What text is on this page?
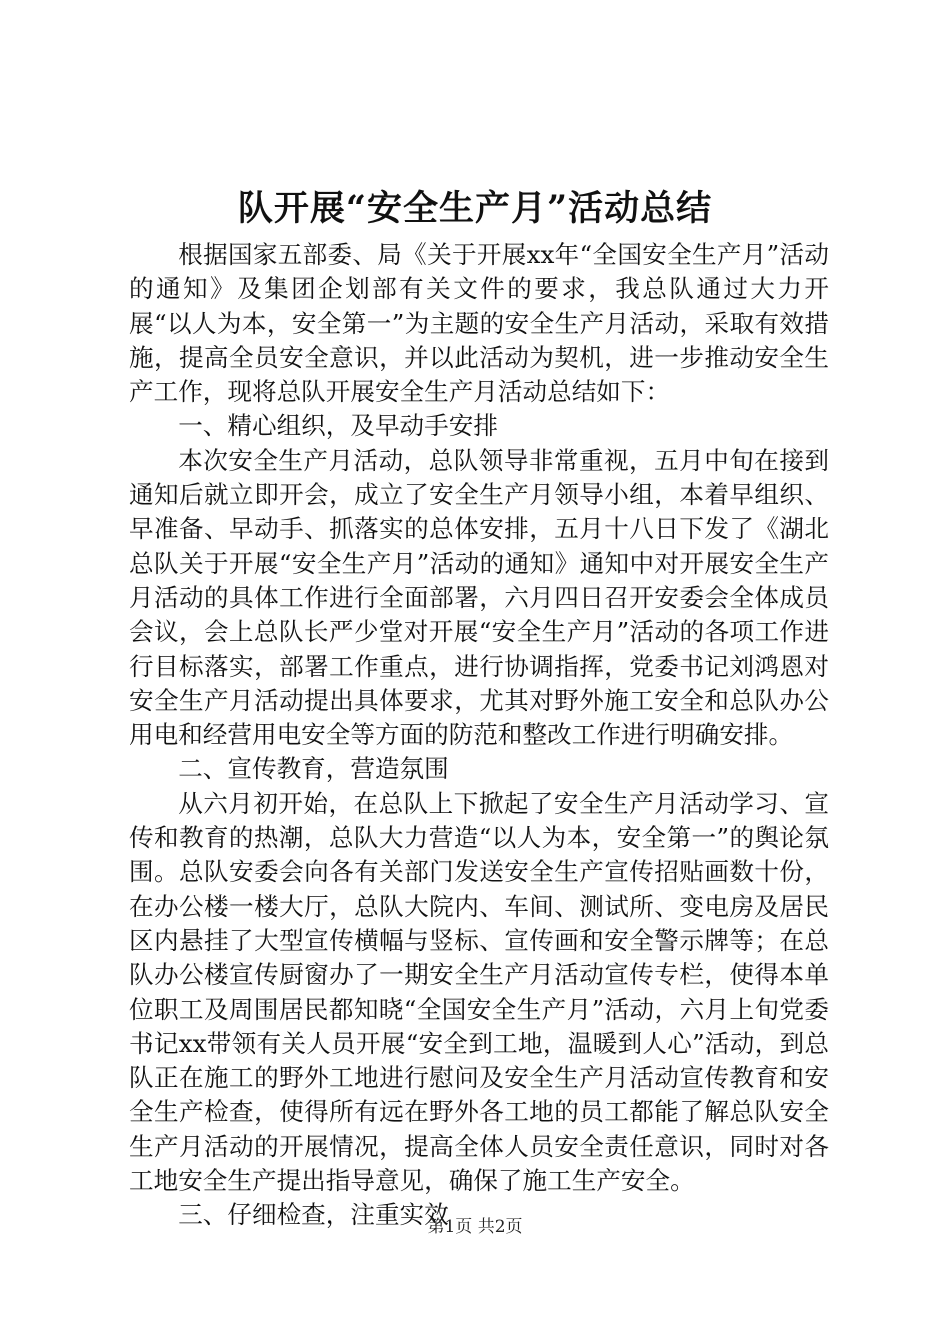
队开展“安全生产月”活动总结

根据国家五部委、局《关于开展xx年“全国安全生产月”活动的通知》及集团企划部有关文件的要求，我总队通过大力开展“以人为本，安全第一”为主题的安全生产月活动，采取有效措施，提高全员安全意识，并以此活动为契机，进一步推动安全生产工作，现将总队开展安全生产月活动总结如下：

一、精心组织，及早动手安排

本次安全生产月活动，总队领导非常重视，五月中旬在接到通知后就立即开会，成立了安全生产月领导小组，本着早组织、早准备、早动手、抓落实的总体安排，五月十八日下发了《湖北总队关于开展“安全生产月”活动的通知》通知中对开展安全生产月活动的具体工作进行全面部署，六月四日召开安委会全体成员会议，会上总队长严少堂对开展“安全生产月”活动的各项工作进行目标落实，部署工作重点，进行协调指挥，党委书记刘鸿恩对安全生产月活动提出具体要求，尤其对野外施工安全和总队办公用电和经营用电安全等方面的防范和整改工作进行明确安排。

二、宣传教育，营造氛围

从六月初开始，在总队上下掀起了安全生产月活动学习、宣传和教育的热潮，总队大力营造“以人为本，安全第一”的舆论氛围。总队安委会向各有关部门发送安全生产宣传招贴画数十份，在办公楼一楼大厅，总队大院内、车间、测试所、变电房及居民区内悬挂了大型宣传横幅与竖标、宣传画和安全警示牌等；在总队办公楼宣传厨窗办了一期安全生产月活动宣传专栏，使得本单位职工及周围居民都知晓“全国安全生产月”活动，六月上旬党委书记xx带领有关人员开展“安全到工地，温暖到人心”活动，到总队正在施工的野外工地进行慰问及安全生产月活动宣传教育和安全生产检查，使得所有远在野外各工地的员工都能了解总队安全生产月活动的开展情况，提高全体人员安全责任意识，同时对各工地安全生产提出指导意见，确保了施工生产安全。

三、仔细检查，注重实效

第1页 共2页
